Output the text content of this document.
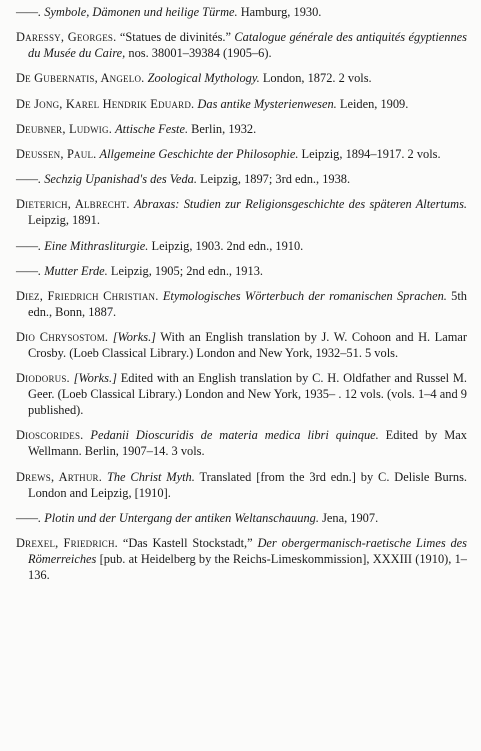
——. Symbole, Dämonen und heilige Türme. Hamburg, 1930.

Daressy, Georges. “Statues de divinités.” Catalogue générale des antiquités égyptiennes du Musée du Caire, nos. 38001–39384 (1905–6).

De Gubernatis, Angelo. Zoological Mythology. London, 1872. 2 vols.

De Jong, Karel Hendrik Eduard. Das antike Mysterienwesen. Leiden, 1909.

Deubner, Ludwig. Attische Feste. Berlin, 1932.

Deussen, Paul. Allgemeine Geschichte der Philosophie. Leipzig, 1894–1917. 2 vols.

——. Sechzig Upanishad's des Veda. Leipzig, 1897; 3rd edn., 1938.

Dieterich, Albrecht. Abraxas: Studien zur Religionsgeschichte des späteren Altertums. Leipzig, 1891.

——. Eine Mithrasliturgie. Leipzig, 1903. 2nd edn., 1910.

——. Mutter Erde. Leipzig, 1905; 2nd edn., 1913.

Diez, Friedrich Christian. Etymologisches Wörterbuch der romanischen Sprachen. 5th edn., Bonn, 1887.

Dio Chrysostom. [Works.] With an English translation by J. W. Cohoon and H. Lamar Crosby. (Loeb Classical Library.) London and New York, 1932–51. 5 vols.

Diodorus. [Works.] Edited with an English translation by C. H. Oldfather and Russel M. Geer. (Loeb Classical Library.) London and New York, 1935– . 12 vols. (vols. 1–4 and 9 published).

Dioscorides. Pedanii Dioscuridis de materia medica libri quinque. Edited by Max Wellmann. Berlin, 1907–14. 3 vols.

Drews, Arthur. The Christ Myth. Translated [from the 3rd edn.] by C. Delisle Burns. London and Leipzig, [1910].

——. Plotin und der Untergang der antiken Weltanschauung. Jena, 1907.

Drexel, Friedrich. “Das Kastell Stockstadt,” Der obergermanisch-raetische Limes des Römerreiches [pub. at Heidelberg by the Reichs-Limeskommission], XXXIII (1910), 1–136.
